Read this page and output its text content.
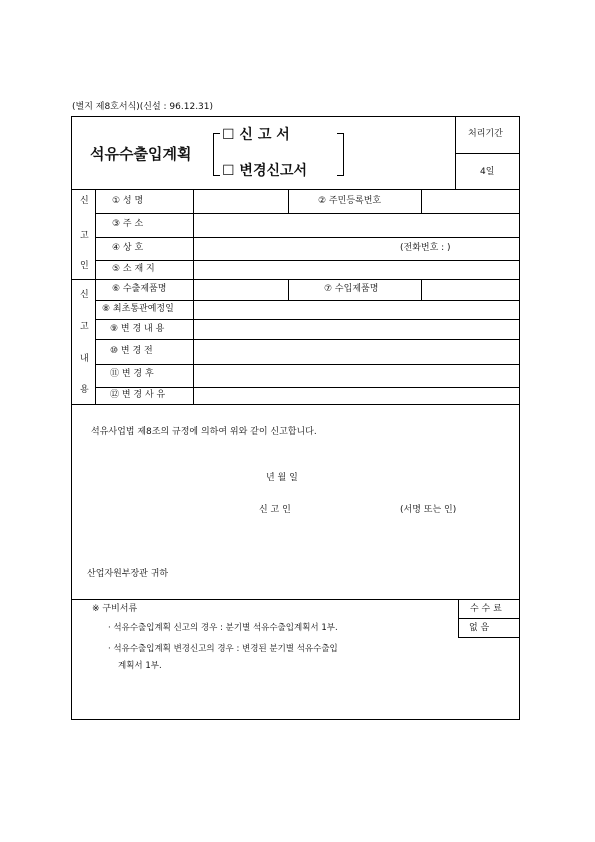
(별지 제8호서식)(신설 : 96.12.31)
석유수출입계획
☐ 신 고 서
☐ 변경신고서
처리기간
4일
신
고
인
신
고
내
용
① 성 명	② 주민등록번호
③ 주 소
④ 상 호	(전화번호 : )
⑤ 소 재 지
⑥ 수출제품명	⑦ 수입제품명
⑧ 최초통관예정일
⑨ 변 경 내 용
⑩ 변 경 전
⑪ 변 경 후
⑫ 변 경 사 유
석유사업법 제8조의 규정에 의하여 위와 같이 신고합니다.
년 월 일
신 고 인	(서명 또는 인)
산업자원부장관 귀하
※ 구비서류
· 석유수출입계획 신고의 경우 : 분기별 석유수출입계획서 1부.
· 석유수출입계획 변경신고의 경우 : 변경된 분기별 석유수출입
계획서 1부.
수 수 료
없 음
